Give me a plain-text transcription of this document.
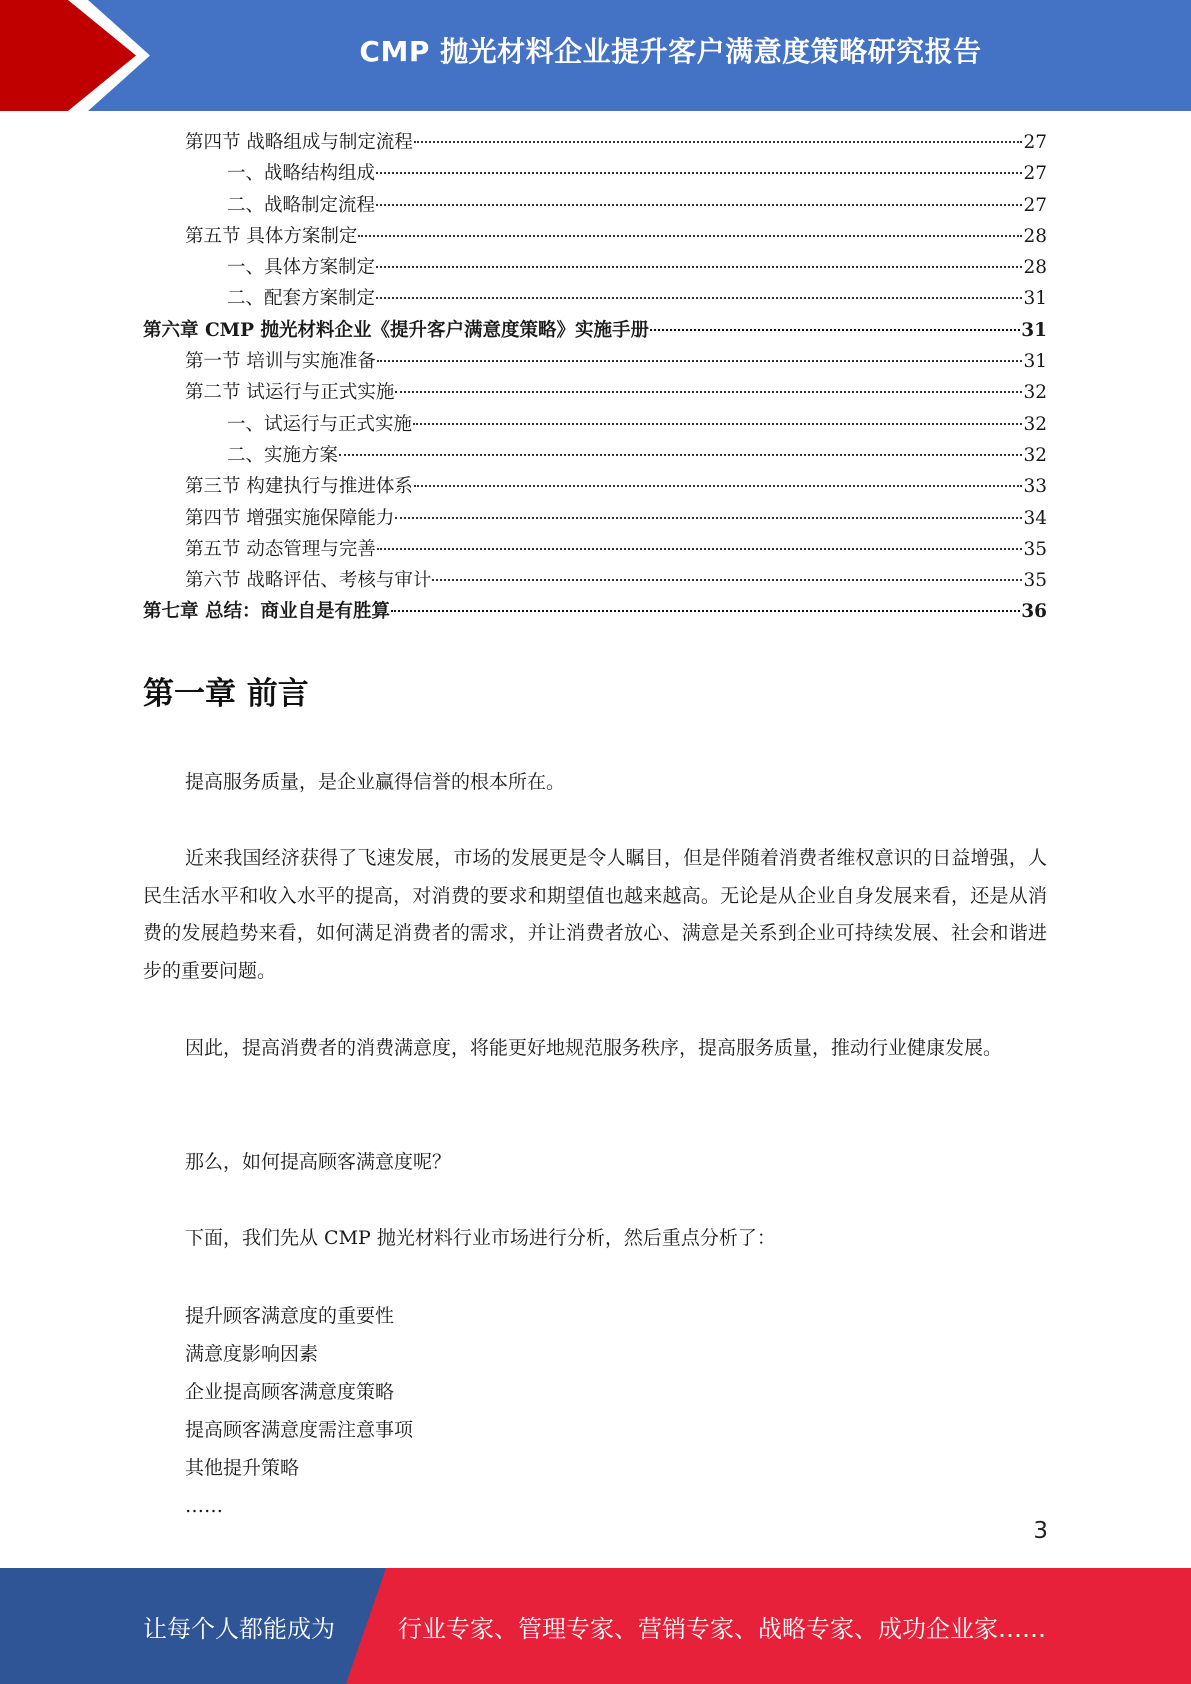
CMP 抛光材料企业提升客户满意度策略研究报告
第四节 战略组成与制定流程	27
一、战略结构组成	27
二、战略制定流程	27
第五节 具体方案制定	28
一、具体方案制定	28
二、配套方案制定	31
第六章 CMP 抛光材料企业《提升客户满意度策略》实施手册	31
第一节 培训与实施准备	31
第二节 试运行与正式实施	32
一、试运行与正式实施	32
二、实施方案	32
第三节 构建执行与推进体系	33
第四节 增强实施保障能力	34
第五节 动态管理与完善	35
第六节 战略评估、考核与审计	35
第七章 总结：商业自是有胜算	36
第一章 前言

提高服务质量，是企业赢得信誉的根本所在。

近来我国经济获得了飞速发展，市场的发展更是令人瞩目，但是伴随着消费者维权意识的日益增强，人民生活水平和收入水平的提高，对消费的要求和期望值也越来越高。无论是从企业自身发展来看，还是从消费的发展趋势来看，如何满足消费者的需求，并让消费者放心、满意是关系到企业可持续发展、社会和谐进步的重要问题。

因此，提高消费者的消费满意度，将能更好地规范服务秩序，提高服务质量，推动行业健康发展。

那么，如何提高顾客满意度呢？

下面，我们先从 CMP 抛光材料行业市场进行分析，然后重点分析了：

提升顾客满意度的重要性
满意度影响因素
企业提高顾客满意度策略
提高顾客满意度需注意事项
其他提升策略
……
3
让每个人都能成为	行业专家、管理专家、营销专家、战略专家、成功企业家……
